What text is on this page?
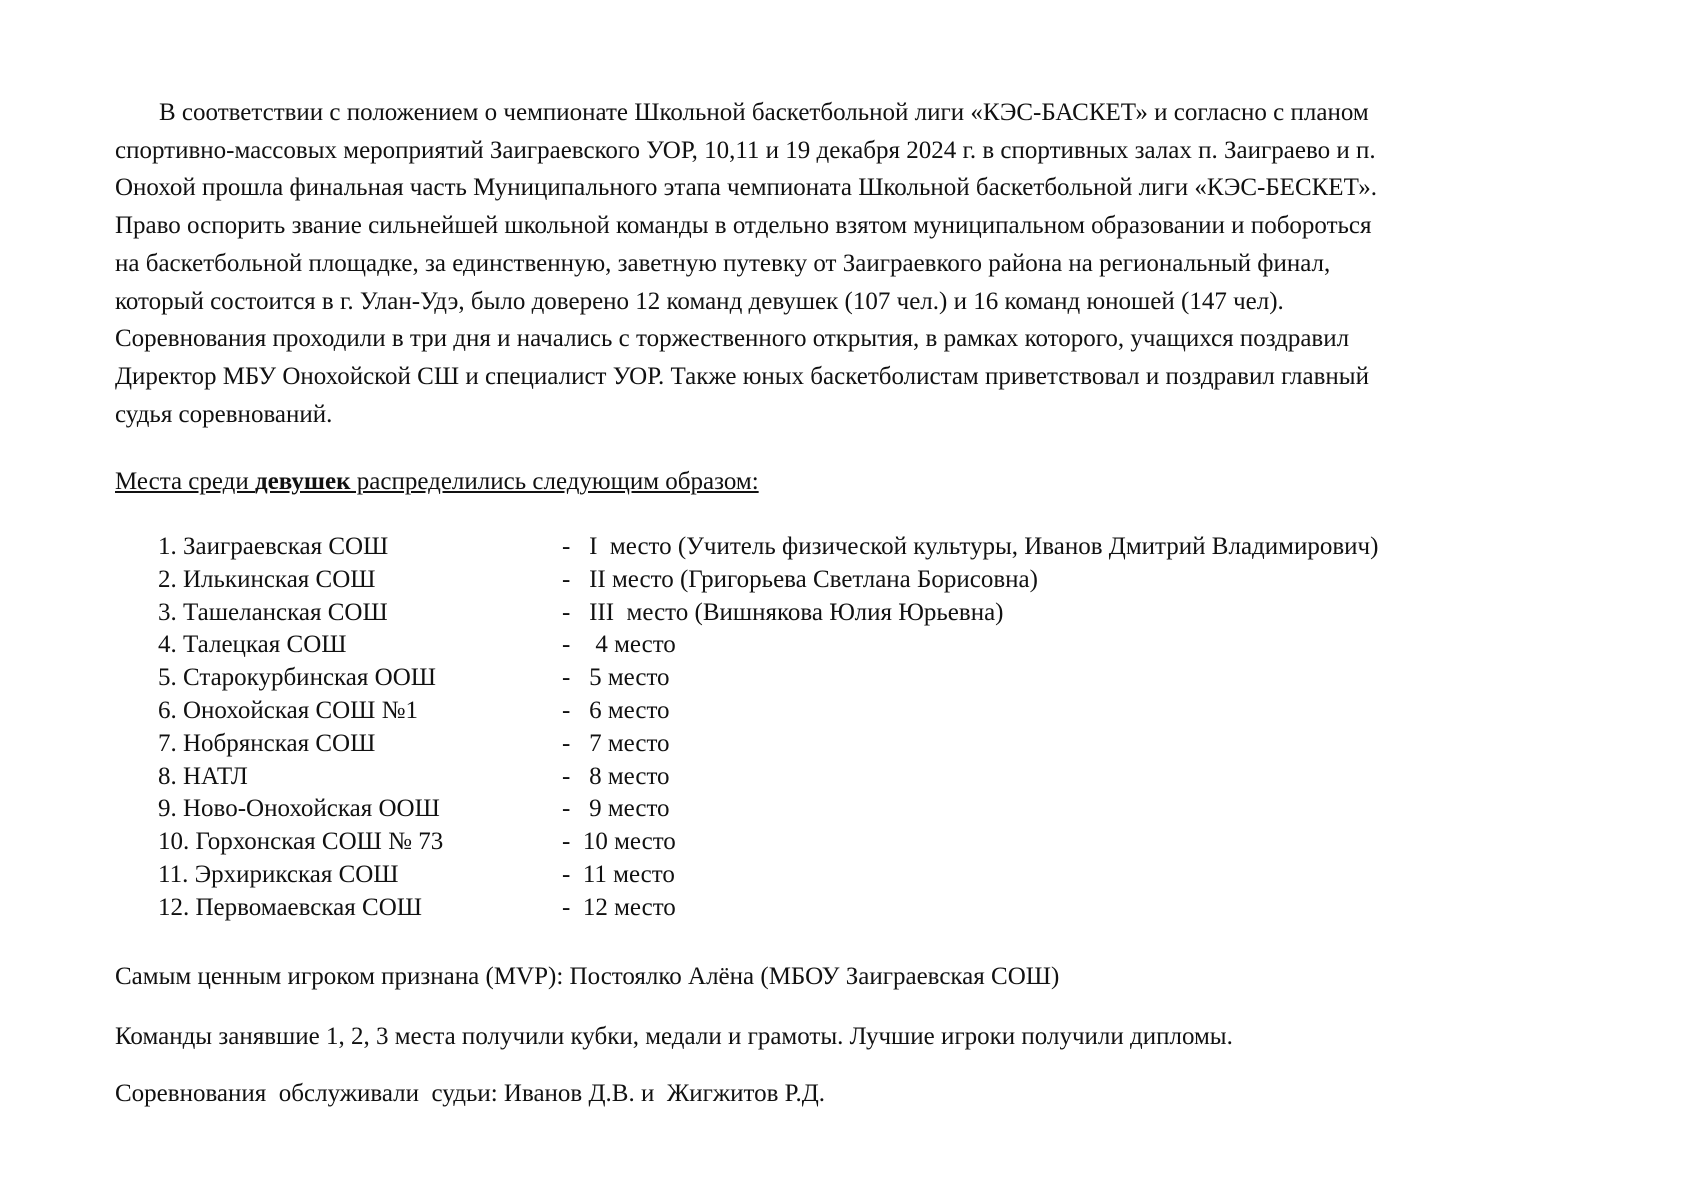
В соответствии с положением о чемпионате Школьной баскетбольной лиги «КЭС-БАСКЕТ» и согласно с планом
спортивно-массовых мероприятий Заиграевского УОР, 10,11 и 19 декабря 2024 г. в спортивных залах п. Заиграево и п.
Онохой прошла финальная часть Муниципального этапа чемпионата Школьной баскетбольной лиги «КЭС-БЕСКЕТ».
Право оспорить звание сильнейшей школьной команды в отдельно взятом муниципальном образовании и побороться
на баскетбольной площадке, за единственную, заветную путевку от Заиграевкого района на региональный финал,
который состоится в г. Улан-Удэ, было доверено 12 команд девушек (107 чел.) и 16 команд юношей (147 чел).
Соревнования проходили в три дня и начались с торжественного открытия, в рамках которого, учащихся поздравил
Директор МБУ Онохойской СШ и специалист УОР. Также юных баскетболистам приветствовал и поздравил главный
судья соревнований.

Места среди девушек распределились следующим образом:

1. Заиграевская СОШ	-   I  место (Учитель физической культуры, Иванов Дмитрий Владимирович)
2. Илькинская СОШ	-   II место (Григорьева Светлана Борисовна)
3. Ташеланская СОШ	-   III  место (Вишнякова Юлия Юрьевна)
4. Талецкая СОШ	-    4 место
5. Старокурбинская ООШ	-   5 место
6. Онохойская СОШ №1	-   6 место
7. Нобрянская СОШ	-   7 место
8. НАТЛ	-   8 место
9. Ново-Онохойская ООШ	-   9 место
10. Горхонская СОШ № 73	-  10 место
11. Эрхирикская СОШ	-  11 место
12. Первомаевская СОШ	-  12 место

Самым ценным игроком признана (MVP): Постоялко Алёна (МБОУ Заиграевская СОШ)

Команды занявшие 1, 2, 3 места получили кубки, медали и грамоты. Лучшие игроки получили дипломы.

Соревнования  обслуживали  судьи: Иванов Д.В. и  Жигжитов Р.Д.
